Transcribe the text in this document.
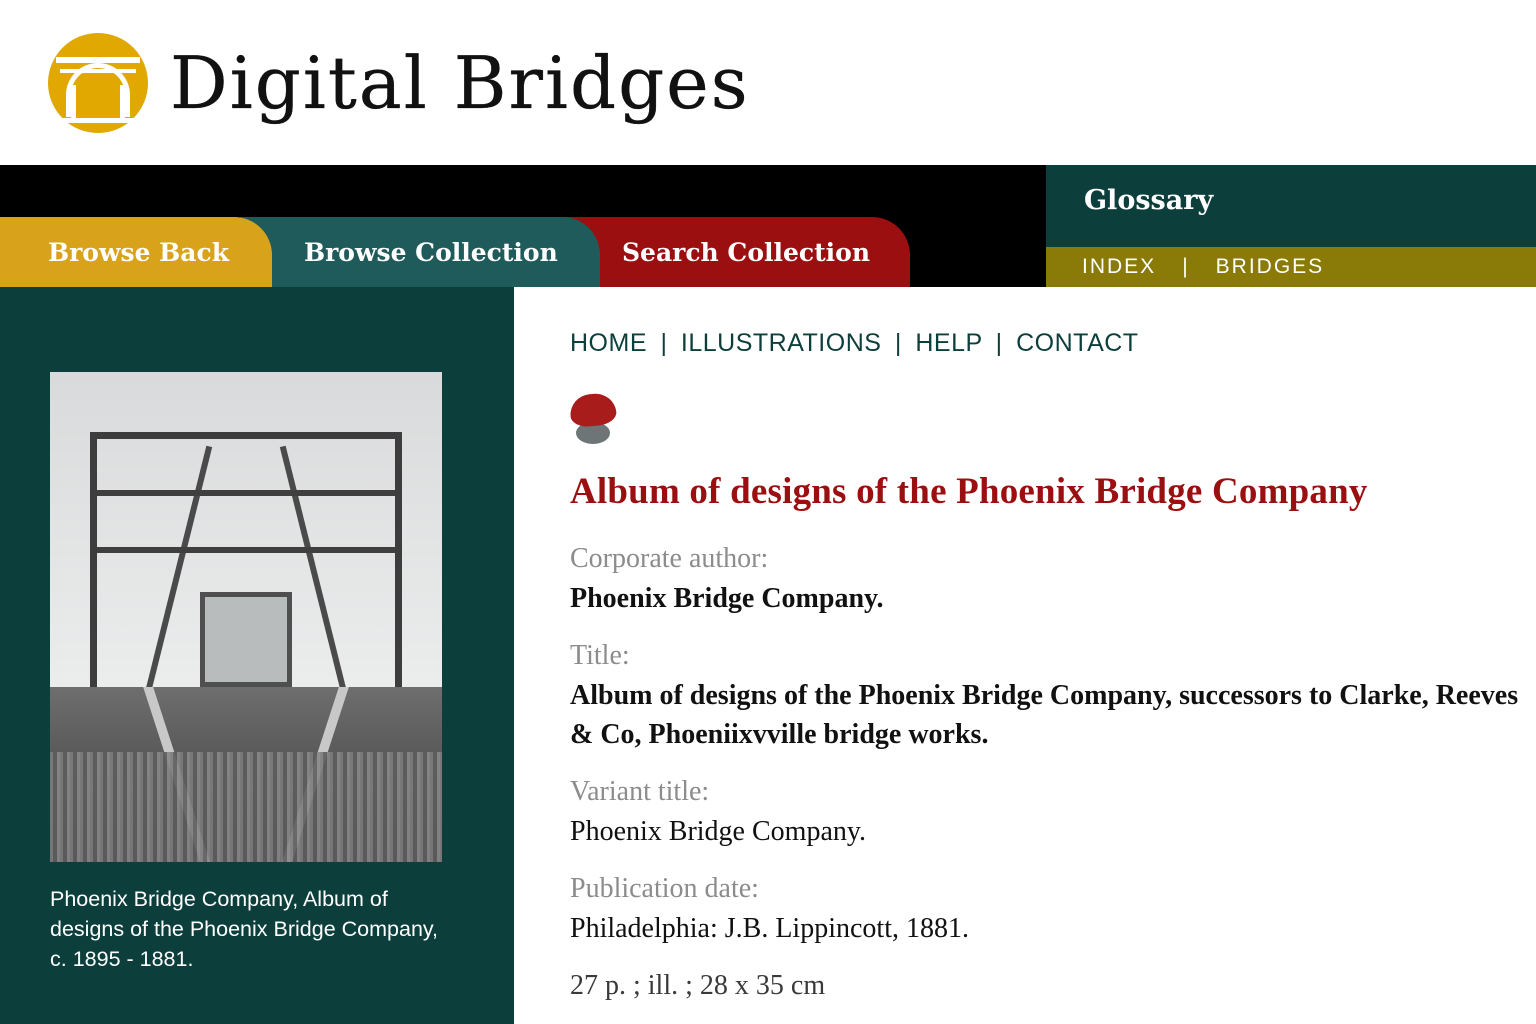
Digital Bridges
Search Collection
Browse Collection
Browse Back
Glossary
INDEX | BRIDGES
Phoenix Bridge Company, Album of designs of the Phoenix Bridge Company, c. 1895 - 1881.
HOME | ILLUSTRATIONS | HELP | CONTACT
Album of designs of the Phoenix Bridge Company
Corporate author:
Phoenix Bridge Company.
Title:
Album of designs of the Phoenix Bridge Company, successors to Clarke, Reeves & Co, Phoeniixvville bridge works.
Variant title:
Phoenix Bridge Company.
Publication date:
Philadelphia: J.B. Lippincott, 1881.
27 p. ; ill. ; 28 x 35 cm
